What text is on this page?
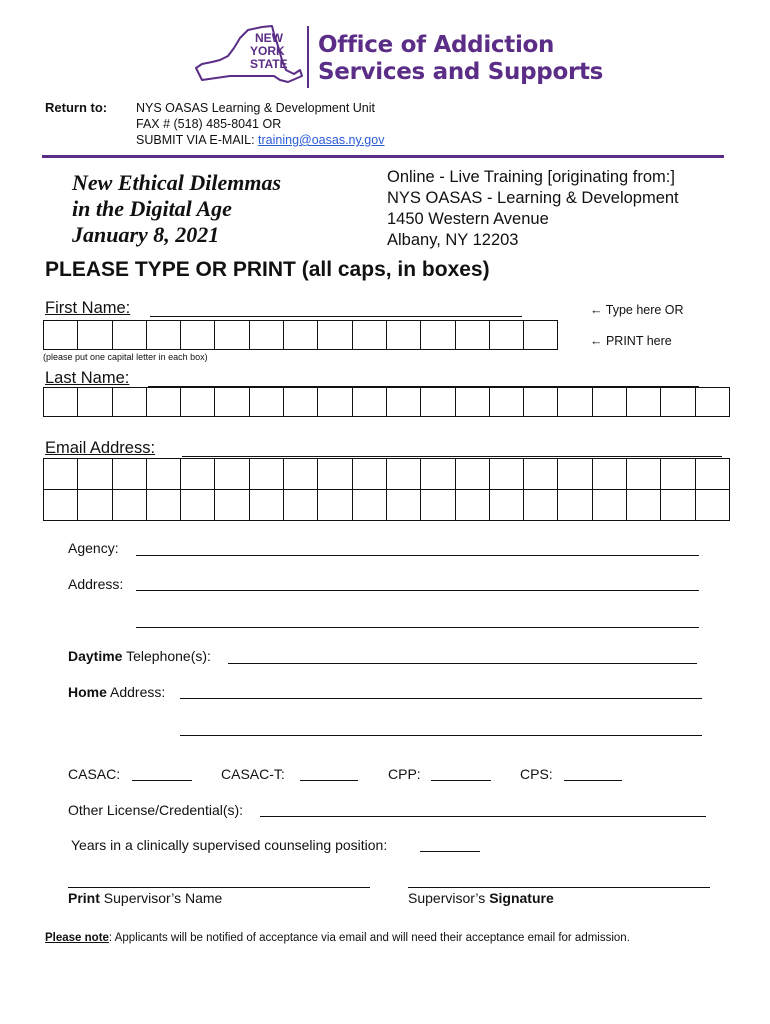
NEW
YORK
STATE
Office of Addiction
Services and Supports
Return to: NYS OASAS Learning & Development Unit
FAX # (518) 485-8041 OR
SUBMIT VIA E-MAIL: training@oasas.ny.gov
New Ethical Dilemmas
in the Digital Age
January 8, 2021
Online - Live Training [originating from:]
NYS OASAS - Learning & Development
1450 Western Avenue
Albany, NY 12203
PLEASE TYPE OR PRINT (all caps, in boxes)
First Name:	← Type here OR
← PRINT here
(please put one capital letter in each box)
Last Name:
Email Address:
Agency:
Address:
Daytime Telephone(s):
Home Address:
CASAC:	CASAC-T:	CPP:	CPS:
Other License/Credential(s):
Years in a clinically supervised counseling position:
Print Supervisor’s Name	Supervisor’s Signature
Please note: Applicants will be notified of acceptance via email and will need their acceptance email for admission.
